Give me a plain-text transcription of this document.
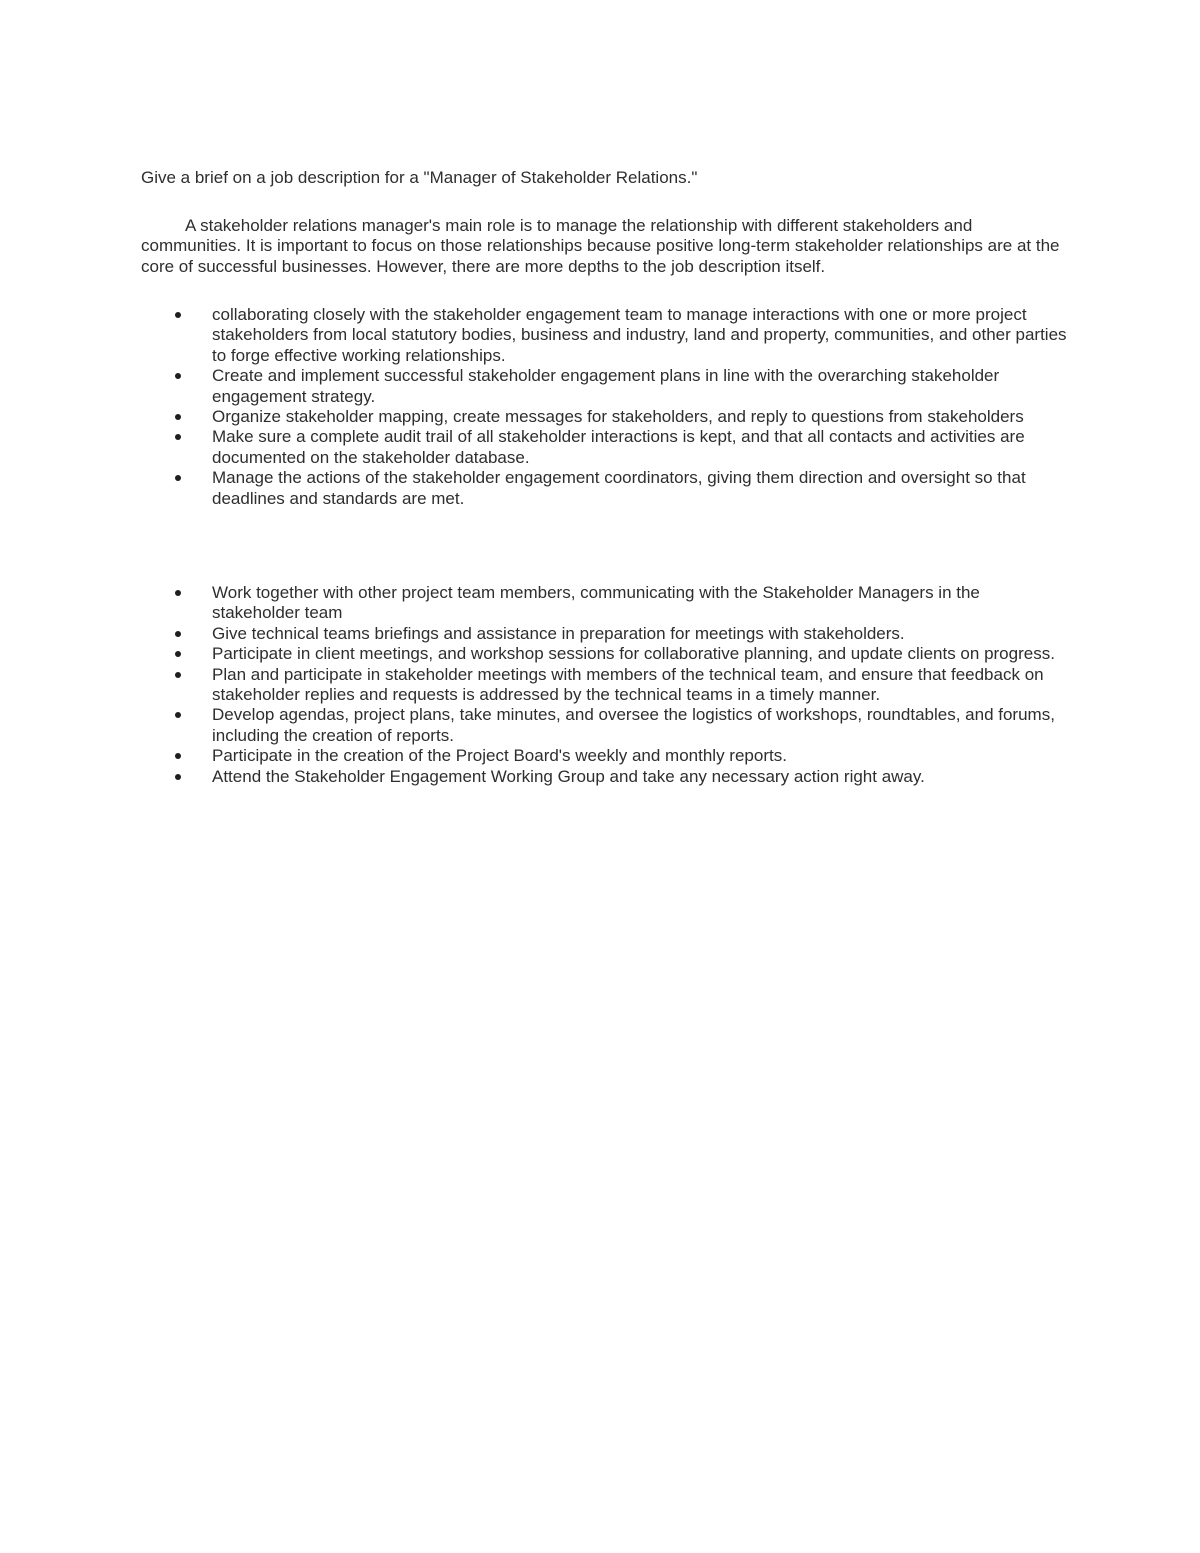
Give a brief on a job description for a "Manager of Stakeholder Relations."

A stakeholder relations manager's main role is to manage the relationship with different stakeholders and communities. It is important to focus on those relationships because positive long-term stakeholder relationships are at the core of successful businesses. However, there are more depths to the job description itself.

collaborating closely with the stakeholder engagement team to manage interactions with one or more project stakeholders from local statutory bodies, business and industry, land and property, communities, and other parties to forge effective working relationships.
Create and implement successful stakeholder engagement plans in line with the overarching stakeholder engagement strategy.
Organize stakeholder mapping, create messages for stakeholders, and reply to questions from stakeholders
Make sure a complete audit trail of all stakeholder interactions is kept, and that all contacts and activities are documented on the stakeholder database.
Manage the actions of the stakeholder engagement coordinators, giving them direction and oversight so that deadlines and standards are met.
Work together with other project team members, communicating with the Stakeholder Managers in the stakeholder team
Give technical teams briefings and assistance in preparation for meetings with stakeholders.
Participate in client meetings, and workshop sessions for collaborative planning, and update clients on progress.
Plan and participate in stakeholder meetings with members of the technical team, and ensure that feedback on stakeholder replies and requests is addressed by the technical teams in a timely manner.
Develop agendas, project plans, take minutes, and oversee the logistics of workshops, roundtables, and forums, including the creation of reports.
Participate in the creation of the Project Board's weekly and monthly reports.
Attend the Stakeholder Engagement Working Group and take any necessary action right away.
